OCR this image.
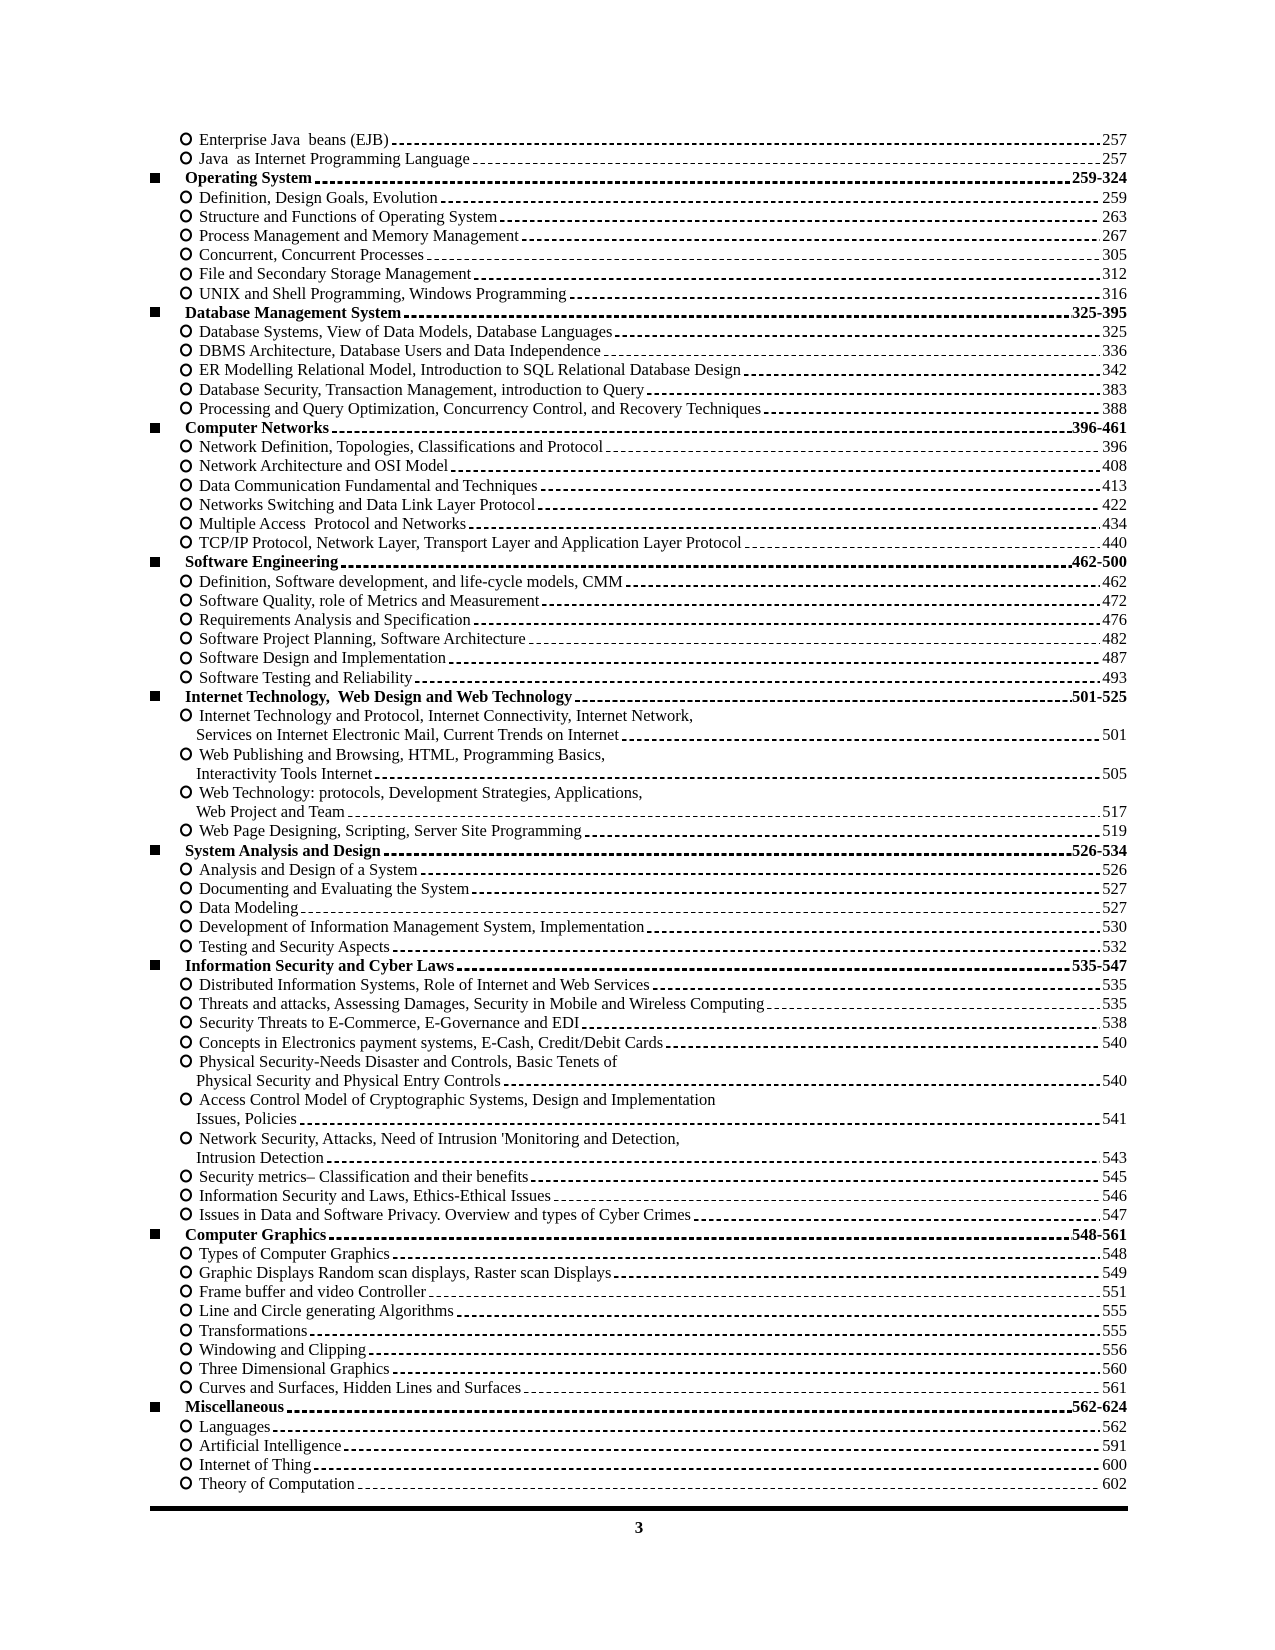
Enterprise Java  beans (EJB)	257
Java  as Internet Programming Language	257
Operating System	259-324
Definition, Design Goals, Evolution	259
Structure and Functions of Operating System	263
Process Management and Memory Management	267
Concurrent, Concurrent Processes	305
File and Secondary Storage Management	312
UNIX and Shell Programming, Windows Programming	316
Database Management System	325-395
Database Systems, View of Data Models, Database Languages	325
DBMS Architecture, Database Users and Data Independence	336
ER Modelling Relational Model, Introduction to SQL Relational Database Design	342
Database Security, Transaction Management, introduction to Query	383
Processing and Query Optimization, Concurrency Control, and Recovery Techniques	388
Computer Networks	396-461
Network Definition, Topologies, Classifications and Protocol	396
Network Architecture and OSI Model	408
Data Communication Fundamental and Techniques	413
Networks Switching and Data Link Layer Protocol	422
Multiple Access  Protocol and Networks	434
TCP/IP Protocol, Network Layer, Transport Layer and Application Layer Protocol	440
Software Engineering	462-500
Definition, Software development, and life-cycle models, CMM	462
Software Quality, role of Metrics and Measurement	472
Requirements Analysis and Specification	476
Software Project Planning, Software Architecture	482
Software Design and Implementation	487
Software Testing and Reliability	493
Internet Technology,  Web Design and Web Technology	501-525
Internet Technology and Protocol, Internet Connectivity, Internet Network,
Services on Internet Electronic Mail, Current Trends on Internet	501
Web Publishing and Browsing, HTML, Programming Basics,
Interactivity Tools Internet	505
Web Technology: protocols, Development Strategies, Applications,
Web Project and Team	517
Web Page Designing, Scripting, Server Site Programming	519
System Analysis and Design	526-534
Analysis and Design of a System	526
Documenting and Evaluating the System	527
Data Modeling	527
Development of Information Management System, Implementation	530
Testing and Security Aspects	532
Information Security and Cyber Laws	535-547
Distributed Information Systems, Role of Internet and Web Services	535
Threats and attacks, Assessing Damages, Security in Mobile and Wireless Computing	535
Security Threats to E-Commerce, E-Governance and EDI	538
Concepts in Electronics payment systems, E-Cash, Credit/Debit Cards	540
Physical Security-Needs Disaster and Controls, Basic Tenets of
Physical Security and Physical Entry Controls	540
Access Control Model of Cryptographic Systems, Design and Implementation
Issues, Policies	541
Network Security, Attacks, Need of Intrusion 'Monitoring and Detection,
Intrusion Detection	543
Security metrics– Classification and their benefits	545
Information Security and Laws, Ethics-Ethical Issues	546
Issues in Data and Software Privacy. Overview and types of Cyber Crimes	547
Computer Graphics	548-561
Types of Computer Graphics	548
Graphic Displays Random scan displays, Raster scan Displays	549
Frame buffer and video Controller	551
Line and Circle generating Algorithms	555
Transformations	555
Windowing and Clipping	556
Three Dimensional Graphics	560
Curves and Surfaces, Hidden Lines and Surfaces	561
Miscellaneous	562-624
Languages	562
Artificial Intelligence	591
Internet of Thing	600
Theory of Computation	602
3
